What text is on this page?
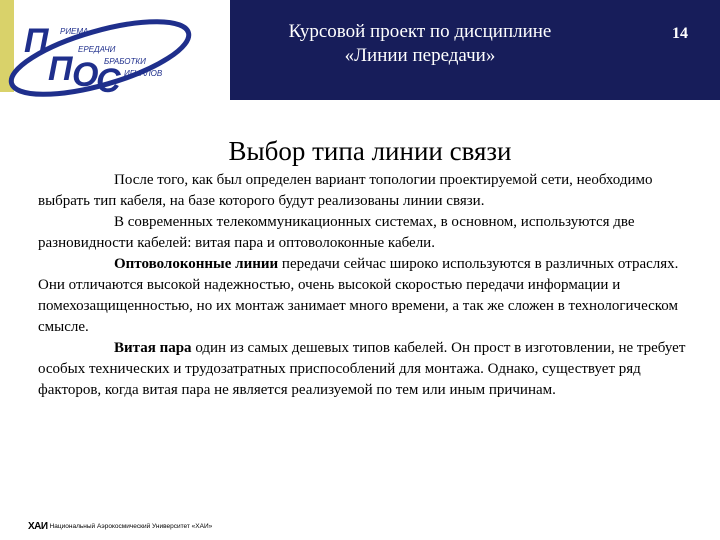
П
П О
С
РИЕМА
ЕРЕДАЧИ
БРАБОТКИ
ИГНАЛОВ
Курсовой проект по дисциплине
«Линии передачи»
14
Выбор типа линии связи

После того, как был определен вариант топологии проектируемой сети, необходимо выбрать тип кабеля, на базе которого будут реализованы линии связи.

В современных телекоммуникационных системах, в основном, используются две разновидности кабелей: витая пара и оптоволоконные кабели.

Оптоволоконные линии передачи сейчас широко используются в различных отраслях. Они отличаются высокой надежностью, очень высокой скоростью передачи информации и помехозащищенностью, но их монтаж занимает много времени, а так же сложен в технологическом смысле.

Витая пара один из самых дешевых типов кабелей. Он прост в изготовлении, не требует особых технических и трудозатратных приспособлений для монтажа. Однако, существует ряд факторов, когда витая пара не является реализуемой по тем или иным причинам.

ХАИ Национальный Аэрокосмический Университет «ХАИ»
